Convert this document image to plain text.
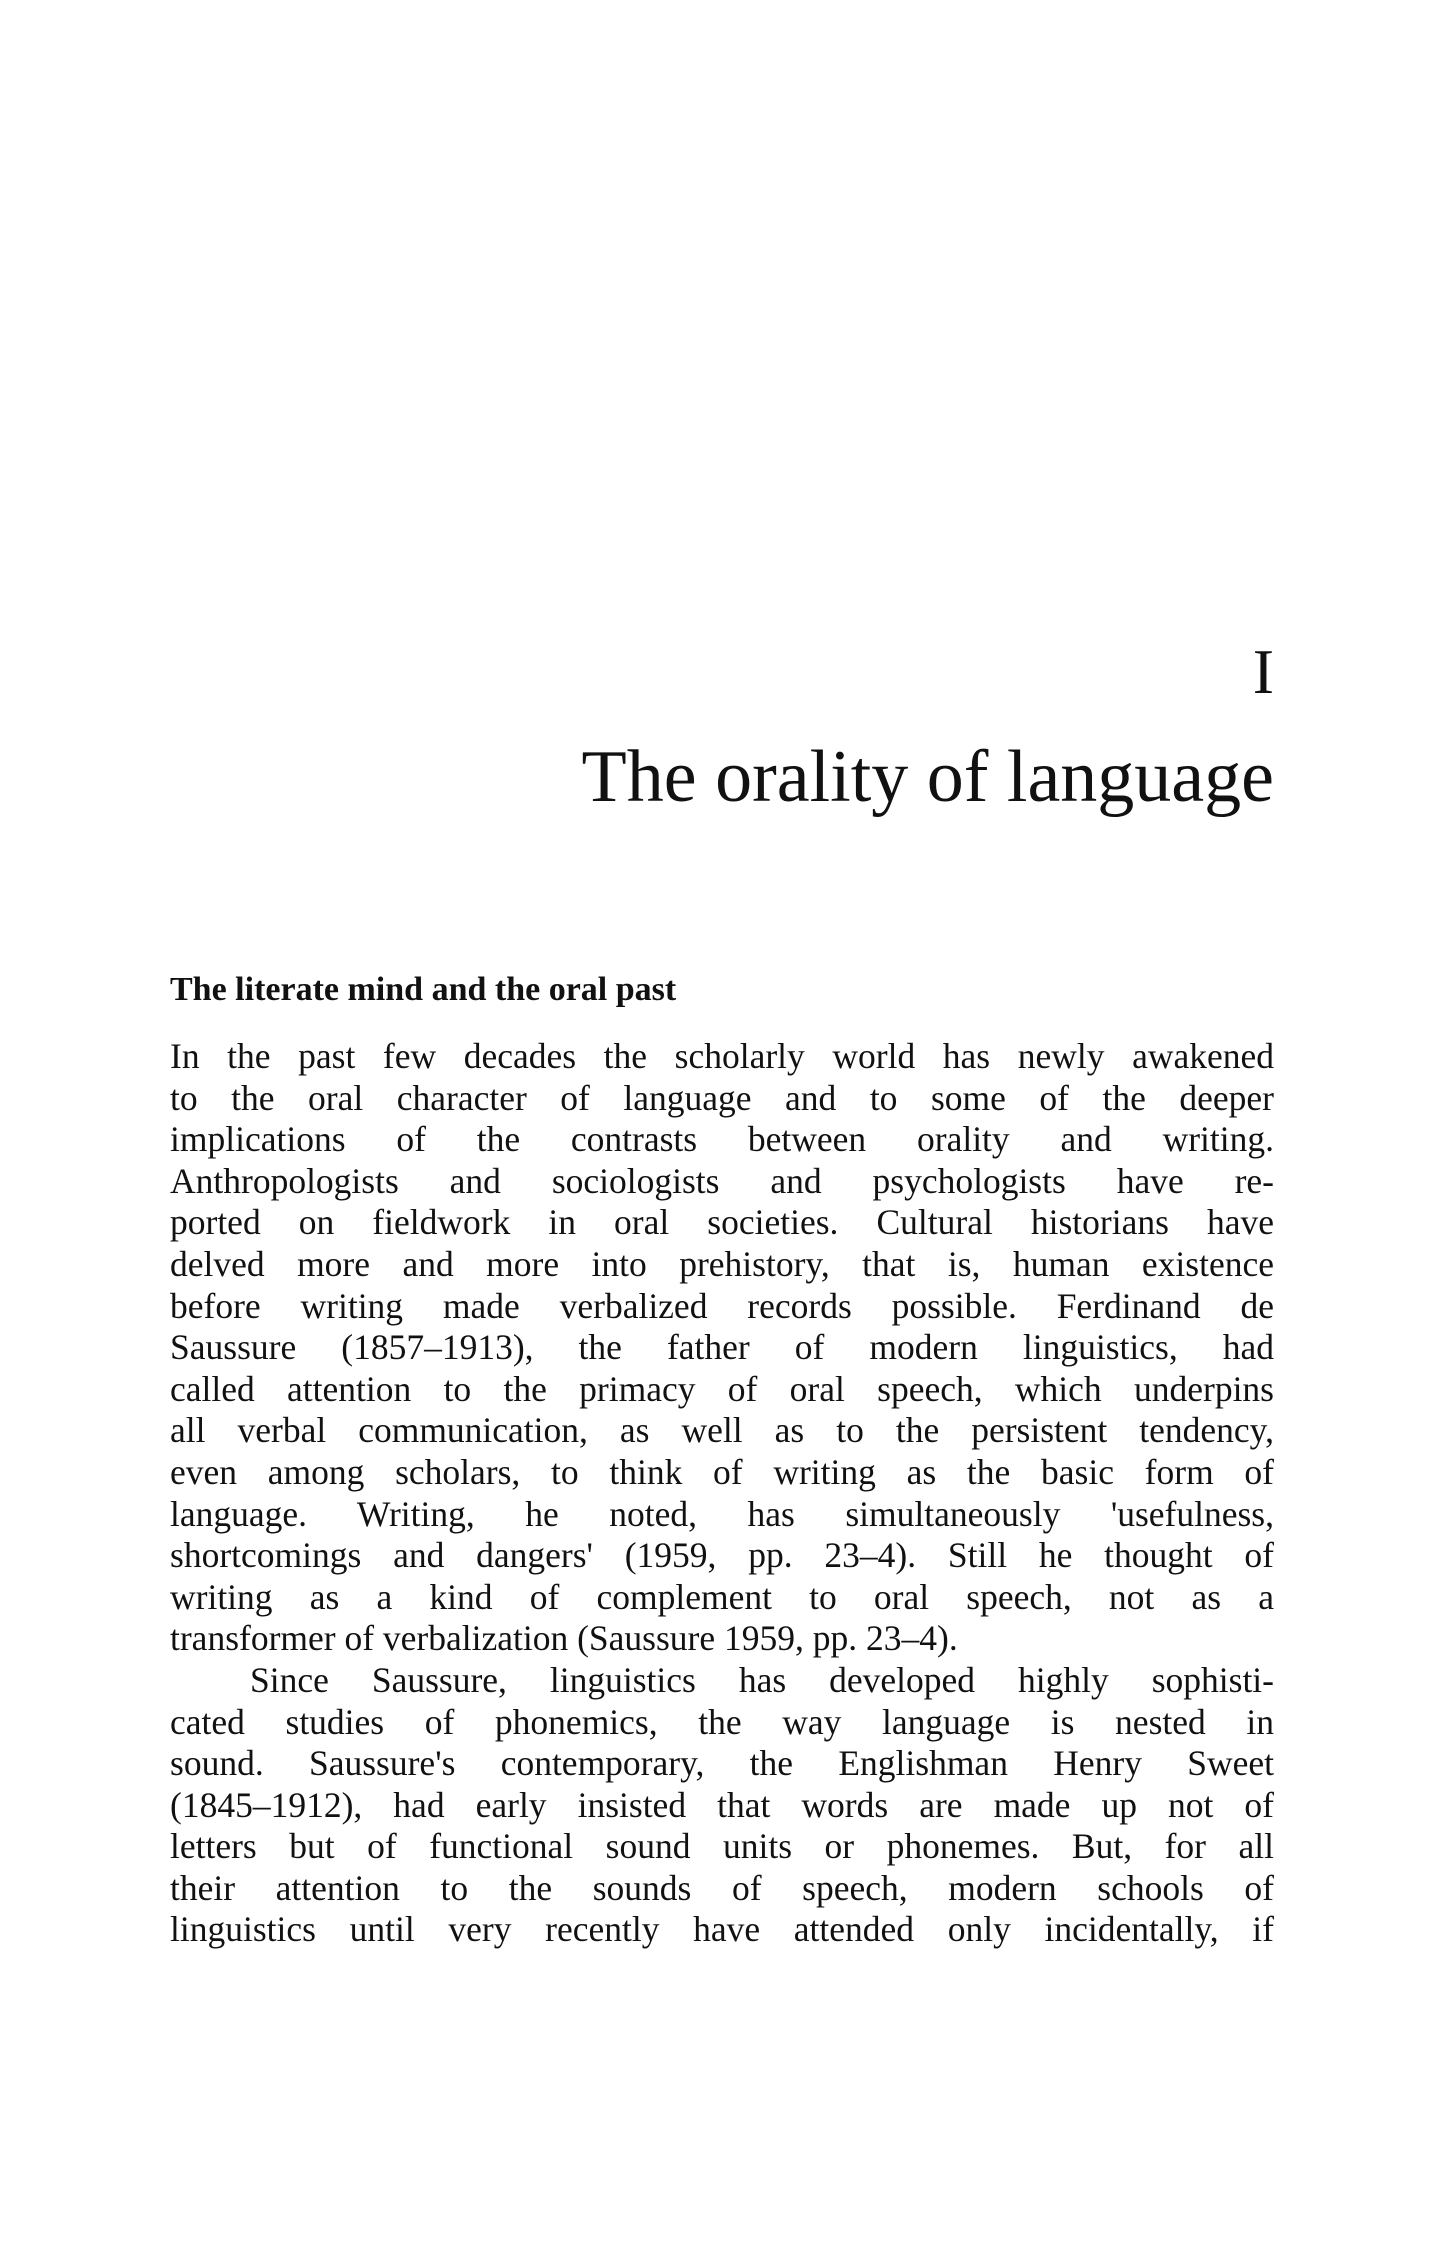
I
The orality of language
The literate mind and the oral past
In the past few decades the scholarly world has newly awakened
to the oral character of language and to some of the deeper
implications of the contrasts between orality and writing.
Anthropologists and sociologists and psychologists have re-
ported on fieldwork in oral societies. Cultural historians have
delved more and more into prehistory, that is, human existence
before writing made verbalized records possible. Ferdinand de
Saussure (1857–1913), the father of modern linguistics, had
called attention to the primacy of oral speech, which underpins
all verbal communication, as well as to the persistent tendency,
even among scholars, to think of writing as the basic form of
language. Writing, he noted, has simultaneously 'usefulness,
shortcomings and dangers' (1959, pp. 23–4). Still he thought of
writing as a kind of complement to oral speech, not as a
transformer of verbalization (Saussure 1959, pp. 23–4).
Since Saussure, linguistics has developed highly sophisti-
cated studies of phonemics, the way language is nested in
sound. Saussure's contemporary, the Englishman Henry Sweet
(1845–1912), had early insisted that words are made up not of
letters but of functional sound units or phonemes. But, for all
their attention to the sounds of speech, modern schools of
linguistics until very recently have attended only incidentally, if
